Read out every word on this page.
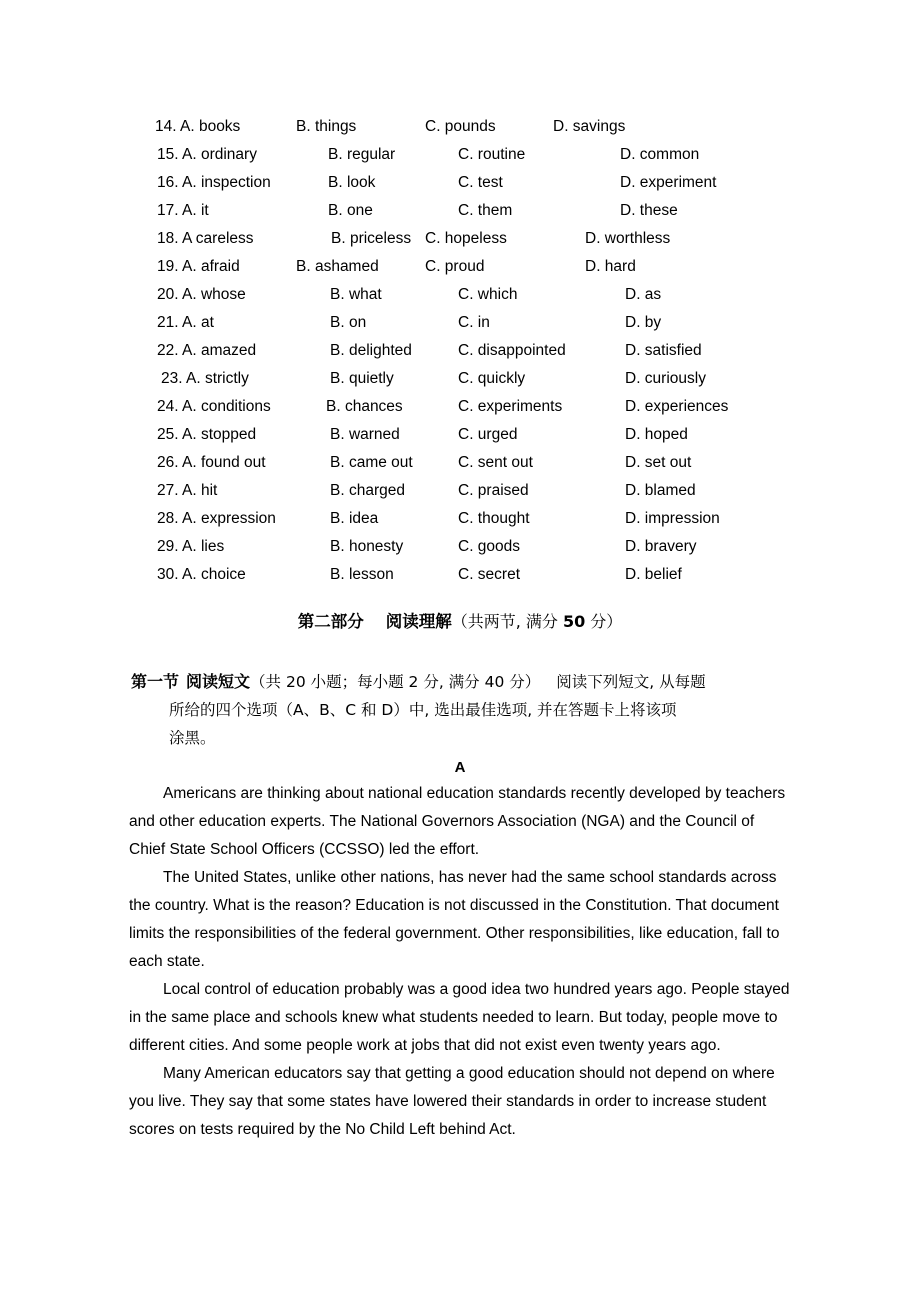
14. A. books	B. things	C. pounds	D. savings
15. A. ordinary	B. regular	C. routine	D. common
16. A. inspection	B. look	C. test	D. experiment
17. A. it	B. one	C. them	D. these
18. A careless	B. priceless C. hopeless	D. worthless
19. A. afraid	B. ashamed	C. proud	D. hard
20. A. whose	B. what	C. which	D. as
21. A. at	B. on	C. in	D. by
22. A. amazed	B. delighted	C. disappointed	D. satisfied
23. A. strictly	B. quietly	C. quickly	D. curiously
24. A. conditions	B. chances	C. experiments	D. experiences
25. A. stopped	B. warned	C. urged	D. hoped
26. A. found out	B. came out	C. sent out	D. set out
27. A. hit	B. charged	C. praised	D. blamed
28. A. expression	B. idea	C. thought	D. impression
29. A. lies	B. honesty	C. goods	D. bravery
30. A. choice	B. lesson	C. secret	D. belief
第二部分 阅读理解（共两节, 满分 50 分）
第一节 阅读短文（共 20 小题；每小题 2 分, 满分 40 分） 阅读下列短文, 从每题
所给的四个选项（A、B、C 和 D）中, 选出最佳选项, 并在答题卡上将该项
涂黑。
A

Americans are thinking about national education standards recently developed by teachers and other education experts. The National Governors Association (NGA) and the Council of Chief State School Officers (CCSSO) led the effort.

The United States, unlike other nations, has never had the same school standards across the country. What is the reason? Education is not discussed in the Constitution. That document limits the responsibilities of the federal government. Other responsibilities, like education, fall to each state.

Local control of education probably was a good idea two hundred years ago. People stayed in the same place and schools knew what students needed to learn. But today, people move to different cities. And some people work at jobs that did not exist even twenty years ago.

Many American educators say that getting a good education should not depend on where you live. They say that some states have lowered their standards in order to increase student scores on tests required by the No Child Left behind Act.
